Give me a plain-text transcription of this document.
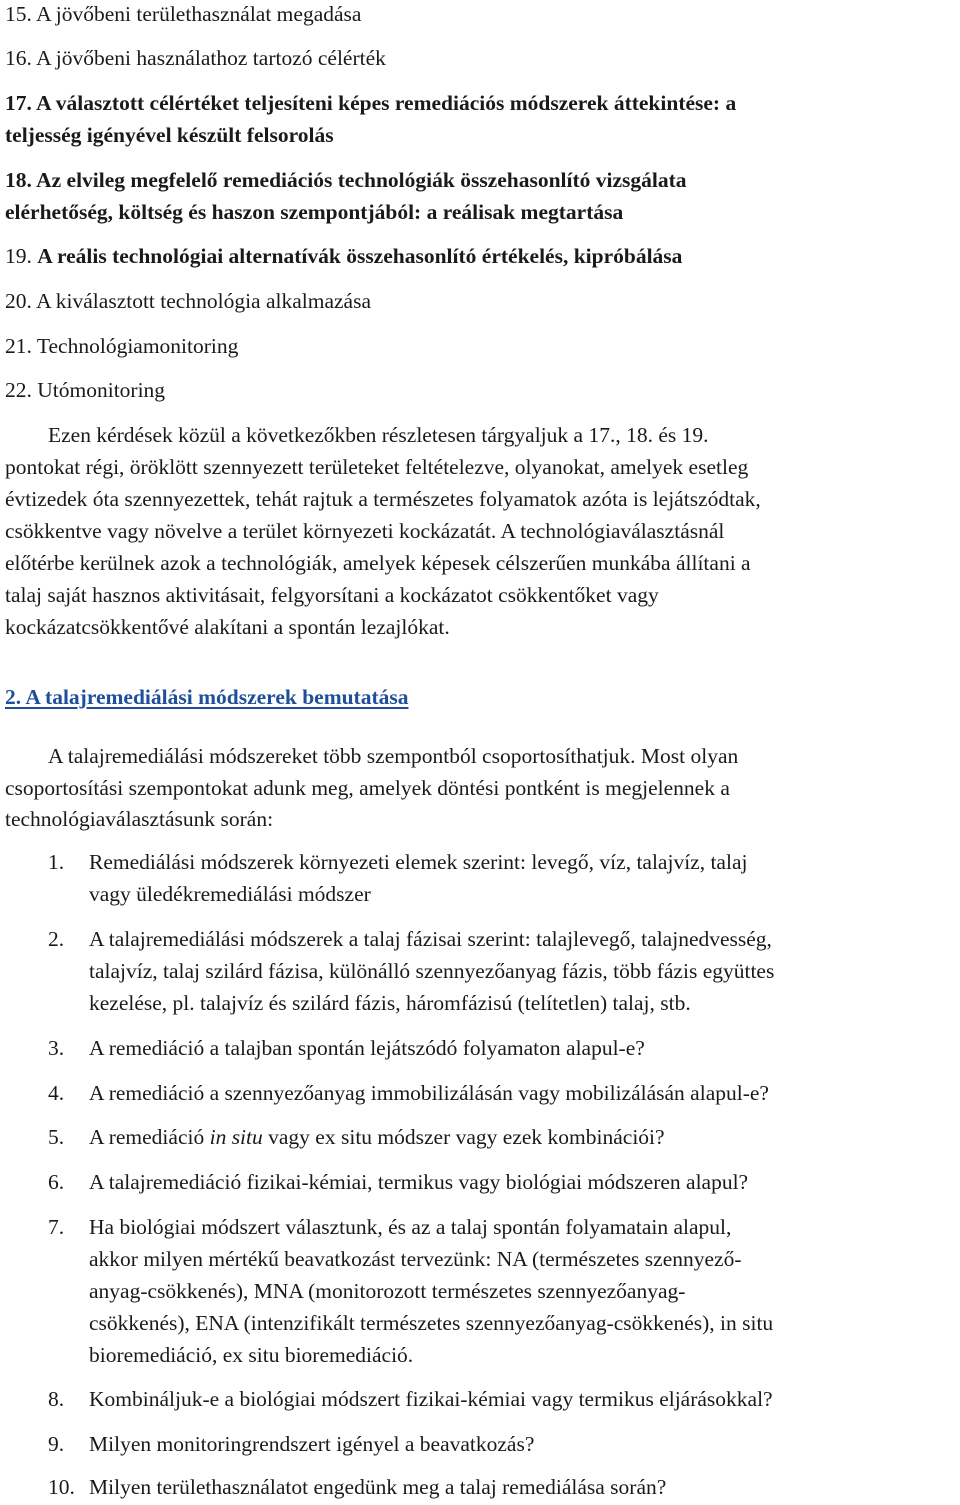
15. A jövőbeni területhasználat megadása

16. A jövőbeni használathoz tartozó célérték

17. A választott célértéket teljesíteni képes remediációs módszerek áttekintése: a

teljesség igényével készült felsorolás

18. Az elvileg megfelelő remediációs technológiák összehasonlító vizsgálata

elérhetőség, költség és haszon szempontjából: a reálisak megtartása

19. A reális technológiai alternatívák összehasonlító értékelés, kipróbálása

20. A kiválasztott technológia alkalmazása

21. Technológiamonitoring

22. Utómonitoring

Ezen kérdések közül a következőkben részletesen tárgyaljuk a 17., 18. és 19.

pontokat régi, öröklött szennyezett területeket feltételezve, olyanokat, amelyek esetleg

évtizedek óta szennyezettek, tehát rajtuk a természetes folyamatok azóta is lejátszódtak,

csökkentve vagy növelve a terület környezeti kockázatát. A technológiaválasztásnál

előtérbe kerülnek azok a technológiák, amelyek képesek célszerűen munkába állítani a

talaj saját hasznos aktivitásait, felgyorsítani a kockázatot csökkentőket vagy

kockázatcsökkentővé alakítani a spontán lezajlókat.

2. A talajremediálási módszerek bemutatása

A talajremediálási módszereket több szempontból csoportosíthatjuk. Most olyan

csoportosítási szempontokat adunk meg, amelyek döntési pontként is megjelennek a

technológiaválasztásunk során:

1. Remediálási módszerek környezeti elemek szerint: levegő, víz, talajvíz, talaj
vagy üledékremediálási módszer
2. A talajremediálási módszerek a talaj fázisai szerint: talajlevegő, talajnedvesség,
talajvíz, talaj szilárd fázisa, különálló szennyezőanyag fázis, több fázis együttes
kezelése, pl. talajvíz és szilárd fázis, háromfázisú (telítetlen) talaj, stb.
3. A remediáció a talajban spontán lejátszódó folyamaton alapul-e?
4. A remediáció a szennyezőanyag immobilizálásán vagy mobilizálásán alapul-e?
5. A remediáció in situ vagy ex situ módszer vagy ezek kombinációi?
6. A talajremediáció fizikai-kémiai, termikus vagy biológiai módszeren alapul?
7. Ha biológiai módszert választunk, és az a talaj spontán folyamatain alapul,
akkor milyen mértékű beavatkozást tervezünk: NA (természetes szennyező-
anyag-csökkenés), MNA (monitorozott természetes szennyezőanyag-
csökkenés), ENA (intenzifikált természetes szennyezőanyag-csökkenés), in situ
bioremediáció, ex situ bioremediáció.
8. Kombináljuk-e a biológiai módszert fizikai-kémiai vagy termikus eljárásokkal?
9. Milyen monitoringrendszert igényel a beavatkozás?
10. Milyen területhasználatot engedünk meg a talaj remediálása során?
